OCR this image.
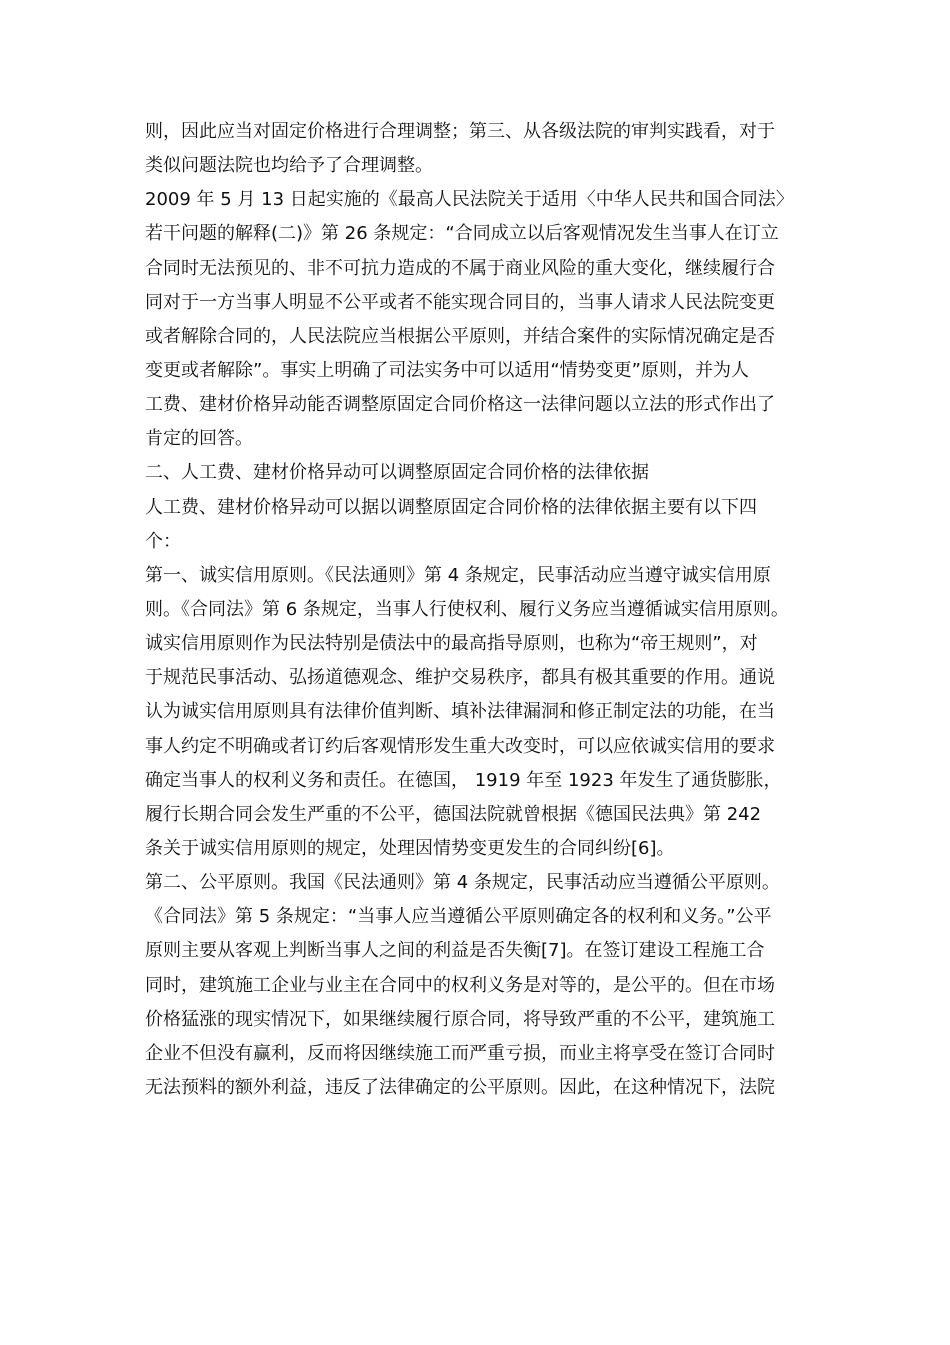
则，因此应当对固定价格进行合理调整；第三、从各级法院的审判实践看，对于
类似问题法院也均给予了合理调整。
2009 年 5 月 13 日起实施的《最高人民法院关于适用〈中华人民共和国合同法〉
若干问题的解释(二)》第 26 条规定：“合同成立以后客观情况发生当事人在订立
合同时无法预见的、非不可抗力造成的不属于商业风险的重大变化，继续履行合
同对于一方当事人明显不公平或者不能实现合同目的，当事人请求人民法院变更
或者解除合同的，人民法院应当根据公平原则，并结合案件的实际情况确定是否
变更或者解除”。事实上明确了司法实务中可以适用“情势变更”原则，并为人
工费、建材价格异动能否调整原固定合同价格这一法律问题以立法的形式作出了
肯定的回答。
二、人工费、建材价格异动可以调整原固定合同价格的法律依据
人工费、建材价格异动可以据以调整原固定合同价格的法律依据主要有以下四
个：
第一、诚实信用原则。《民法通则》第 4 条规定，民事活动应当遵守诚实信用原
则。《合同法》第 6 条规定，当事人行使权利、履行义务应当遵循诚实信用原则。
诚实信用原则作为民法特别是债法中的最高指导原则，也称为“帝王规则”，对
于规范民事活动、弘扬道德观念、维护交易秩序，都具有极其重要的作用。通说
认为诚实信用原则具有法律价值判断、填补法律漏洞和修正制定法的功能，在当
事人约定不明确或者订约后客观情形发生重大改变时，可以应依诚实信用的要求
确定当事人的权利义务和责任。在德国， 1919 年至 1923 年发生了通货膨胀，
履行长期合同会发生严重的不公平，德国法院就曾根据《德国民法典》第 242
条关于诚实信用原则的规定，处理因情势变更发生的合同纠纷[6]。
第二、公平原则。我国《民法通则》第 4 条规定，民事活动应当遵循公平原则。
《合同法》第 5 条规定：“当事人应当遵循公平原则确定各的权利和义务。”公平
原则主要从客观上判断当事人之间的利益是否失衡[7]。在签订建设工程施工合
同时，建筑施工企业与业主在合同中的权利义务是对等的，是公平的。但在市场
价格猛涨的现实情况下，如果继续履行原合同，将导致严重的不公平，建筑施工
企业不但没有赢利，反而将因继续施工而严重亏损，而业主将享受在签订合同时
无法预料的额外利益，违反了法律确定的公平原则。因此，在这种情况下，法院
